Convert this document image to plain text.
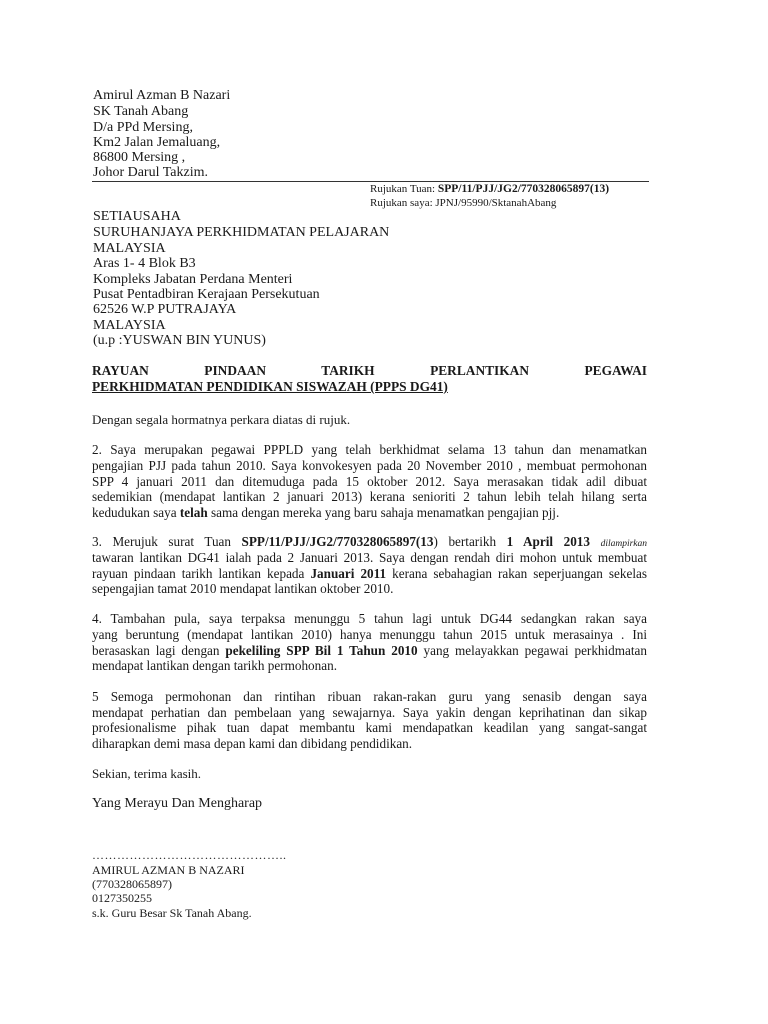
Amirul Azman B Nazari
SK Tanah Abang
D/a PPd Mersing,
Km2 Jalan Jemaluang,
86800 Mersing ,
Johor Darul Takzim.
Rujukan Tuan: SPP/11/PJJ/JG2/770328065897(13)
Rujukan saya: JPNJ/95990/SktanahAbang
SETIAUSAHA
SURUHANJAYA PERKHIDMATAN PELAJARAN
MALAYSIA
Aras 1- 4 Blok B3
Kompleks Jabatan Perdana Menteri
Pusat Pentadbiran Kerajaan Persekutuan
62526 W.P PUTRAJAYA
MALAYSIA
(u.p :YUSWAN BIN YUNUS)
RAYUAN PINDAAN TARIKH PERLANTIKAN PEGAWAI
PERKHIDMATAN PENDIDIKAN SISWAZAH (PPPS DG41)
Dengan segala hormatnya perkara diatas di rujuk.
2. Saya merupakan pegawai PPPLD yang telah berkhidmat selama 13 tahun dan menamatkan
pengajian PJJ pada tahun 2010. Saya konvokesyen pada 20 November 2010 , membuat permohonan
SPP 4 januari 2011 dan ditemuduga pada 15 oktober 2012. Saya merasakan tidak adil dibuat
sedemikian (mendapat lantikan 2 januari 2013) kerana senioriti 2 tahun lebih telah hilang serta
kedudukan saya telah sama dengan mereka yang baru sahaja menamatkan pengajian pjj.
3. Merujuk surat Tuan SPP/11/PJJ/JG2/770328065897(13) bertarikh 1 April 2013 dilampirkan
tawaran lantikan DG41 ialah pada 2 Januari 2013. Saya dengan rendah diri mohon untuk membuat
rayuan pindaan tarikh lantikan kepada Januari 2011 kerana sebahagian rakan seperjuangan sekelas
sepengajian tamat 2010 mendapat lantikan oktober 2010.
4. Tambahan pula, saya terpaksa menunggu 5 tahun lagi untuk DG44 sedangkan rakan saya
yang beruntung (mendapat lantikan 2010) hanya menunggu tahun 2015 untuk merasainya . Ini
berasaskan lagi dengan pekeliling SPP Bil 1 Tahun 2010 yang melayakkan pegawai perkhidmatan
mendapat lantikan dengan tarikh permohonan.
5 Semoga permohonan dan rintihan ribuan rakan-rakan guru yang senasib dengan saya
mendapat perhatian dan pembelaan yang sewajarnya. Saya yakin dengan keprihatinan dan sikap
profesionalisme pihak tuan dapat membantu kami mendapatkan keadilan yang sangat-sangat
diharapkan demi masa depan kami dan dibidang pendidikan.
Sekian, terima kasih.
Yang Merayu Dan Mengharap
………………………………………..
AMIRUL AZMAN B NAZARI
(770328065897)
0127350255
s.k. Guru Besar Sk Tanah Abang.
